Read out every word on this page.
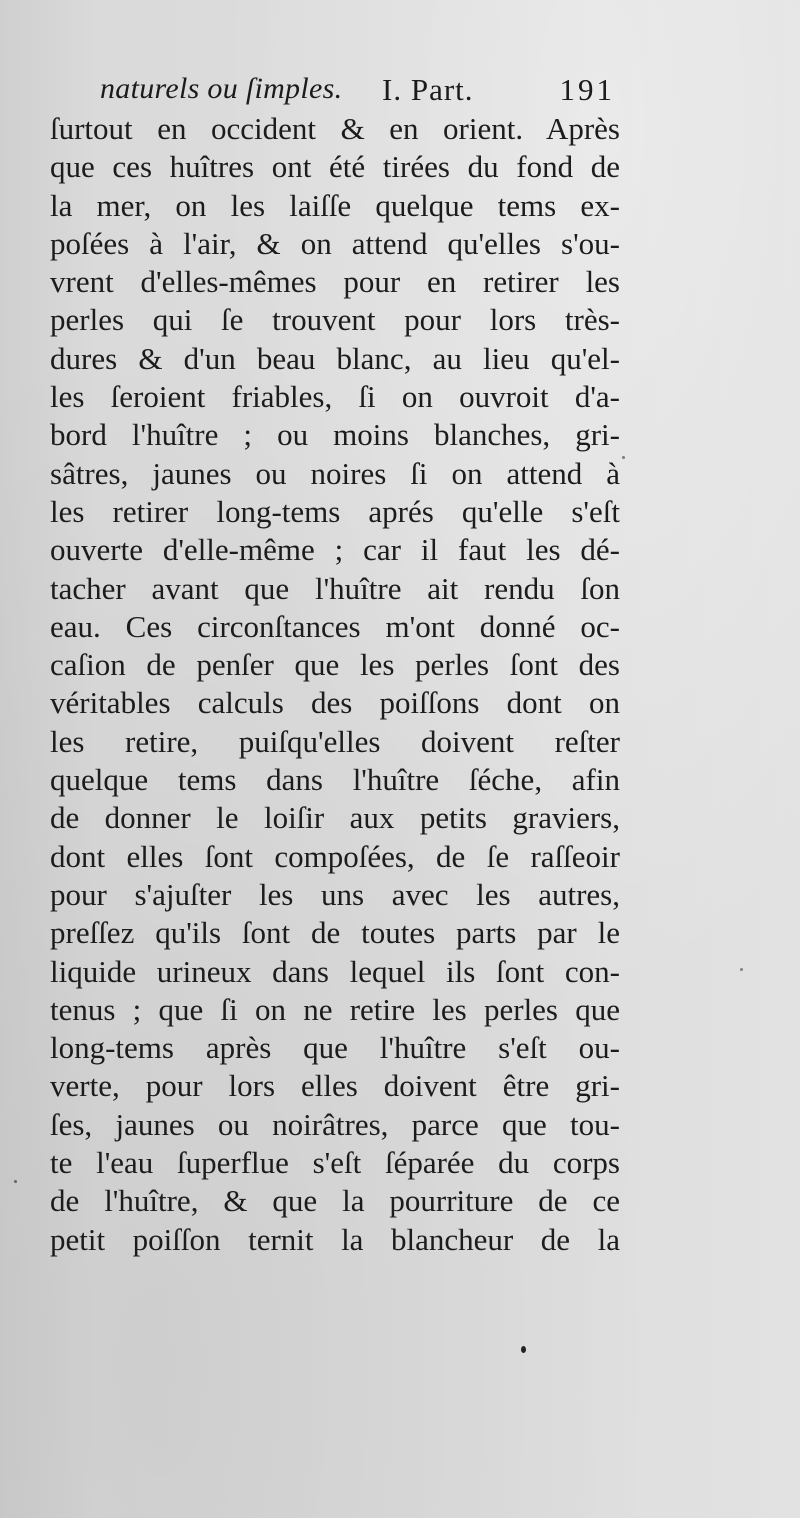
naturels ou ſimples. I. Part.	191
ſurtout en occident & en orient. Après
que ces huîtres ont été tirées du fond de
la mer, on les laiſſe quelque tems ex-
poſées à l'air, & on attend qu'elles s'ou-
vrent d'elles-mêmes pour en retirer les
perles qui ſe trouvent pour lors très-
dures & d'un beau blanc, au lieu qu'el-
les ſeroient friables, ſi on ouvroit d'a-
bord l'huître ; ou moins blanches, gri-
sâtres, jaunes ou noires ſi on attend à
les retirer long-tems aprés qu'elle s'eſt
ouverte d'elle-même ; car il faut les dé-
tacher avant que l'huître ait rendu ſon
eau. Ces circonſtances m'ont donné oc-
caſion de penſer que les perles ſont des
véritables calculs des poiſſons dont on
les retire, puiſqu'elles doivent reſter
quelque tems dans l'huître ſéche, afin
de donner le loiſir aux petits graviers,
dont elles ſont compoſées, de ſe raſſeoir
pour s'ajuſter les uns avec les autres,
preſſez qu'ils ſont de toutes parts par le
liquide urineux dans lequel ils ſont con-
tenus ; que ſi on ne retire les perles que
long-tems après que l'huître s'eſt ou-
verte, pour lors elles doivent être gri-
ſes, jaunes ou noirâtres, parce que tou-
te l'eau ſuperflue s'eſt ſéparée du corps
de l'huître, & que la pourriture de ce
petit poiſſon ternit la blancheur de la
